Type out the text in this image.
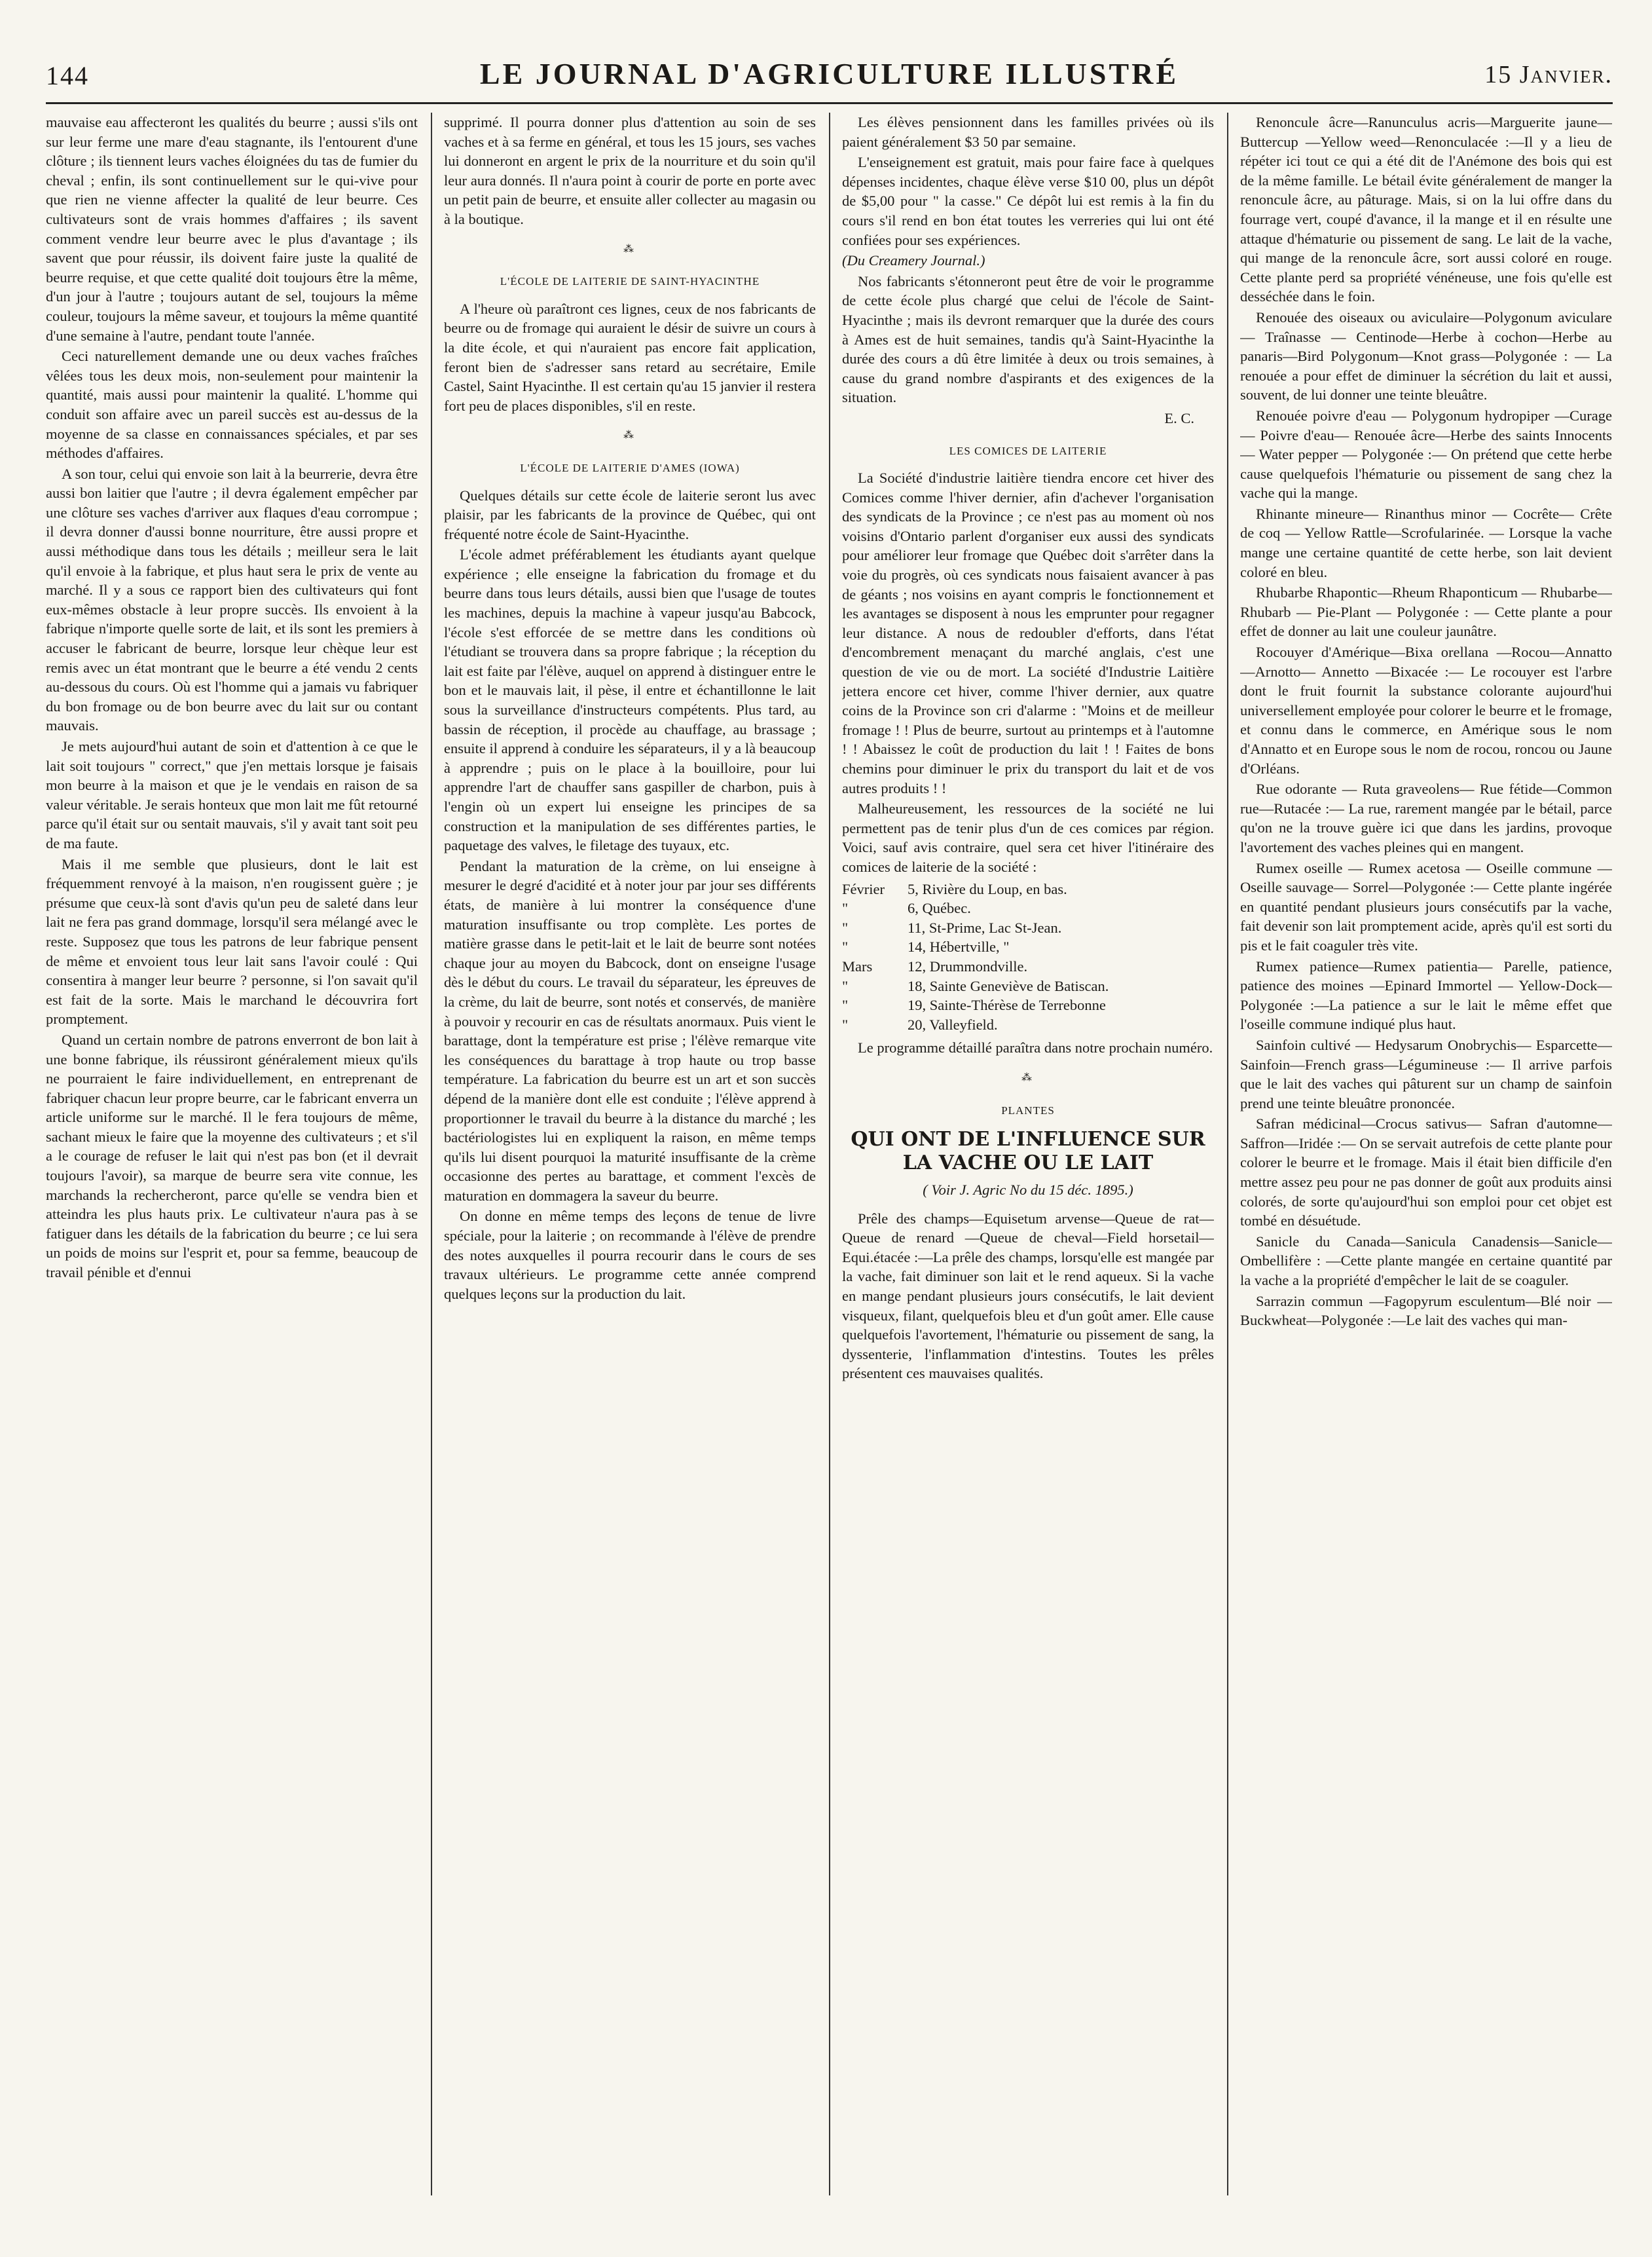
144	LE JOURNAL D'AGRICULTURE ILLUSTRÉ	15 Janvier.

mauvaise eau affecteront les qualités du beurre ; aussi s'ils ont sur leur ferme une mare d'eau stagnante, ils l'entourent d'une clôture ; ils tiennent leurs vaches éloignées du tas de fumier du cheval ; enfin, ils sont continuellement sur le qui-vive pour que rien ne vienne affecter la qualité de leur beurre. Ces cultivateurs sont de vrais hommes d'affaires ; ils savent comment vendre leur beurre avec le plus d'avantage ; ils savent que pour réussir, ils doivent faire juste la qualité de beurre requise, et que cette qualité doit toujours être la même, d'un jour à l'autre ; toujours autant de sel, toujours la même couleur, toujours la même saveur, et toujours la même quantité d'une semaine à l'autre, pendant toute l'année.

Ceci naturellement demande une ou deux vaches fraîches vêlées tous les deux mois, non-seulement pour maintenir la quantité, mais aussi pour maintenir la qualité. L'homme qui conduit son affaire avec un pareil succès est au-dessus de la moyenne de sa classe en connaissances spéciales, et par ses méthodes d'affaires.

A son tour, celui qui envoie son lait à la beurrerie, devra être aussi bon laitier que l'autre ; il devra également empêcher par une clôture ses vaches d'arriver aux flaques d'eau corrompue ; il devra donner d'aussi bonne nourriture, être aussi propre et aussi méthodique dans tous les détails ; meilleur sera le lait qu'il envoie à la fabrique, et plus haut sera le prix de vente au marché. Il y a sous ce rapport bien des cultivateurs qui font eux-mêmes obstacle à leur propre succès. Ils envoient à la fabrique n'importe quelle sorte de lait, et ils sont les premiers à accuser le fabricant de beurre, lorsque leur chèque leur est remis avec un état montrant que le beurre a été vendu 2 cents au-dessous du cours. Où est l'homme qui a jamais vu fabriquer du bon fromage ou de bon beurre avec du lait sur ou contant mauvais.

Je mets aujourd'hui autant de soin et d'attention à ce que le lait soit toujours " correct," que j'en mettais lorsque je faisais mon beurre à la maison et que je le vendais en raison de sa valeur véritable. Je serais honteux que mon lait me fût retourné parce qu'il était sur ou sentait mauvais, s'il y avait tant soit peu de ma faute.

Mais il me semble que plusieurs, dont le lait est fréquemment renvoyé à la maison, n'en rougissent guère ; je présume que ceux-là sont d'avis qu'un peu de saleté dans leur lait ne fera pas grand dommage, lorsqu'il sera mélangé avec le reste. Supposez que tous les patrons de leur fabrique pensent de même et envoient tous leur lait sans l'avoir coulé : Qui consentira à manger leur beurre ? personne, si l'on savait qu'il est fait de la sorte. Mais le marchand le découvrira fort promptement.

Quand un certain nombre de patrons enverront de bon lait à une bonne fabrique, ils réussiront généralement mieux qu'ils ne pourraient le faire individuellement, en entreprenant de fabriquer chacun leur propre beurre, car le fabricant enverra un article uniforme sur le marché. Il le fera toujours de même, sachant mieux le faire que la moyenne des cultivateurs ; et s'il a le courage de refuser le lait qui n'est pas bon (et il devrait toujours l'avoir), sa marque de beurre sera vite connue, les marchands la rechercheront, parce qu'elle se vendra bien et atteindra les plus hauts prix. Le cultivateur n'aura pas à se fatiguer dans les détails de la fabrication du beurre ; ce lui sera un poids de moins sur l'esprit et, pour sa femme, beaucoup de travail pénible et d'ennui

supprimé. Il pourra donner plus d'attention au soin de ses vaches et à sa ferme en général, et tous les 15 jours, ses vaches lui donneront en argent le prix de la nourriture et du soin qu'il leur aura donnés. Il n'aura point à courir de porte en porte avec un petit pain de beurre, et ensuite aller collecter au magasin ou à la boutique.

⁂
L'ÉCOLE DE LAITERIE DE SAINT-HYACINTHE

A l'heure où paraîtront ces lignes, ceux de nos fabricants de beurre ou de fromage qui auraient le désir de suivre un cours à la dite école, et qui n'auraient pas encore fait application, feront bien de s'adresser sans retard au secrétaire, Emile Castel, Saint Hyacinthe. Il est certain qu'au 15 janvier il restera fort peu de places disponibles, s'il en reste.

⁂
L'ÉCOLE DE LAITERIE D'AMES (IOWA)

Quelques détails sur cette école de laiterie seront lus avec plaisir, par les fabricants de la province de Québec, qui ont fréquenté notre école de Saint-Hyacinthe.

L'école admet préférablement les étudiants ayant quelque expérience ; elle enseigne la fabrication du fromage et du beurre dans tous leurs détails, aussi bien que l'usage de toutes les machines, depuis la machine à vapeur jusqu'au Babcock, l'école s'est efforcée de se mettre dans les conditions où l'étudiant se trouvera dans sa propre fabrique ; la réception du lait est faite par l'élève, auquel on apprend à distinguer entre le bon et le mauvais lait, il pèse, il entre et échantillonne le lait sous la surveillance d'instructeurs compétents. Plus tard, au bassin de réception, il procède au chauffage, au brassage ; ensuite il apprend à conduire les séparateurs, il y a là beaucoup à apprendre ; puis on le place à la bouilloire, pour lui apprendre l'art de chauffer sans gaspiller de charbon, puis à l'engin où un expert lui enseigne les principes de sa construction et la manipulation de ses différentes parties, le paquetage des valves, le filetage des tuyaux, etc.

Pendant la maturation de la crème, on lui enseigne à mesurer le degré d'acidité et à noter jour par jour ses différents états, de manière à lui montrer la conséquence d'une maturation insuffisante ou trop complète. Les portes de matière grasse dans le petit-lait et le lait de beurre sont notées chaque jour au moyen du Babcock, dont on enseigne l'usage dès le début du cours. Le travail du séparateur, les épreuves de la crème, du lait de beurre, sont notés et conservés, de manière à pouvoir y recourir en cas de résultats anormaux. Puis vient le barattage, dont la température est prise ; l'élève remarque vite les conséquences du barattage à trop haute ou trop basse température. La fabrication du beurre est un art et son succès dépend de la manière dont elle est conduite ; l'élève apprend à proportionner le travail du beurre à la distance du marché ; les bactériologistes lui en expliquent la raison, en même temps qu'ils lui disent pourquoi la maturité insuffisante de la crème occasionne des pertes au barattage, et comment l'excès de maturation en dommagera la saveur du beurre.

On donne en même temps des leçons de tenue de livre spéciale, pour la laiterie ; on recommande à l'élève de prendre des notes auxquelles il pourra recourir dans le cours de ses travaux ultérieurs. Le programme cette année comprend quelques leçons sur la production du lait.

Les élèves pensionnent dans les familles privées où ils paient généralement $3 50 par semaine.

L'enseignement est gratuit, mais pour faire face à quelques dépenses incidentes, chaque élève verse $10 00, plus un dépôt de $5,00 pour " la casse." Ce dépôt lui est remis à la fin du cours s'il rend en bon état toutes les verreries qui lui ont été confiées pour ses expériences.

(Du Creamery Journal.)

Nos fabricants s'étonneront peut être de voir le programme de cette école plus chargé que celui de l'école de Saint-Hyacinthe ; mais ils devront remarquer que la durée des cours à Ames est de huit semaines, tandis qu'à Saint-Hyacinthe la durée des cours a dû être limitée à deux ou trois semaines, à cause du grand nombre d'aspirants et des exigences de la situation.

E. C.

LES COMICES DE LAITERIE

La Société d'industrie laitière tiendra encore cet hiver des Comices comme l'hiver dernier, afin d'achever l'organisation des syndicats de la Province ; ce n'est pas au moment où nos voisins d'Ontario parlent d'organiser eux aussi des syndicats pour améliorer leur fromage que Québec doit s'arrêter dans la voie du progrès, où ces syndicats nous faisaient avancer à pas de géants ; nos voisins en ayant compris le fonctionnement et les avantages se disposent à nous les emprunter pour regagner leur distance. A nous de redoubler d'efforts, dans l'état d'encombrement menaçant du marché anglais, c'est une question de vie ou de mort. La société d'Industrie Laitière jettera encore cet hiver, comme l'hiver dernier, aux quatre coins de la Province son cri d'alarme : "Moins et de meilleur fromage ! ! Plus de beurre, surtout au printemps et à l'automne ! ! Abaissez le coût de production du lait ! ! Faites de bons chemins pour diminuer le prix du transport du lait et de vos autres produits ! !

Malheureusement, les ressources de la société ne lui permettent pas de tenir plus d'un de ces comices par région. Voici, sauf avis contraire, quel sera cet hiver l'itinéraire des comices de laiterie de la société :

Février	5, Rivière du Loup, en bas.
"	6, Québec.
"	11, St-Prime, Lac St-Jean.
"	14, Hébertville, "
Mars	12, Drummondville.
"	18, Sainte Geneviève de Batiscan.
"	19, Sainte-Thérèse de Terrebonne
"	20, Valleyfield.

Le programme détaillé paraîtra dans notre prochain numéro.

⁂
PLANTES
QUI ONT DE L'INFLUENCE SUR LA VACHE OU LE LAIT
( Voir J. Agric No du 15 déc. 1895.)

Prêle des champs—Equisetum arvense—Queue de rat—Queue de renard —Queue de cheval—Field horsetail—Equi.étacée :—La prêle des champs, lorsqu'elle est mangée par la vache, fait diminuer son lait et le rend aqueux. Si la vache en mange pendant plusieurs jours consécutifs, le lait devient visqueux, filant, quelquefois bleu et d'un goût amer. Elle cause quelquefois l'avortement, l'hématurie ou pissement de sang, la dyssenterie, l'inflammation d'intestins. Toutes les prêles présentent ces mauvaises qualités.

Renoncule âcre—Ranunculus acris—Marguerite jaune— Buttercup —Yellow weed—Renonculacée :—Il y a lieu de répéter ici tout ce qui a été dit de l'Anémone des bois qui est de la même famille. Le bétail évite généralement de manger la renoncule âcre, au pâturage. Mais, si on la lui offre dans du fourrage vert, coupé d'avance, il la mange et il en résulte une attaque d'hématurie ou pissement de sang. Le lait de la vache, qui mange de la renoncule âcre, sort aussi coloré en rouge. Cette plante perd sa propriété vénéneuse, une fois qu'elle est desséchée dans le foin.

Renouée des oiseaux ou aviculaire—Polygonum aviculare — Traînasse — Centinode—Herbe à cochon—Herbe au panaris—Bird Polygonum—Knot grass—Polygonée : — La renouée a pour effet de diminuer la sécrétion du lait et aussi, souvent, de lui donner une teinte bleuâtre.

Renouée poivre d'eau — Polygonum hydropiper —Curage— Poivre d'eau— Renouée âcre—Herbe des saints Innocents — Water pepper — Polygonée :— On prétend que cette herbe cause quelquefois l'hématurie ou pissement de sang chez la vache qui la mange.

Rhinante mineure— Rinanthus minor — Cocrête— Crête de coq — Yellow Rattle—Scrofularinée. — Lorsque la vache mange une certaine quantité de cette herbe, son lait devient coloré en bleu.

Rhubarbe Rhapontic—Rheum Rhaponticum — Rhubarbe— Rhubarb — Pie-Plant — Polygonée : — Cette plante a pour effet de donner au lait une couleur jaunâtre.

Rocouyer d'Amérique—Bixa orellana —Rocou—Annatto—Arnotto— Annetto —Bixacée :— Le rocouyer est l'arbre dont le fruit fournit la substance colorante aujourd'hui universellement employée pour colorer le beurre et le fromage, et connu dans le commerce, en Amérique sous le nom d'Annatto et en Europe sous le nom de rocou, roncou ou Jaune d'Orléans.

Rue odorante — Ruta graveolens— Rue fétide—Common rue—Rutacée :— La rue, rarement mangée par le bétail, parce qu'on ne la trouve guère ici que dans les jardins, provoque l'avortement des vaches pleines qui en mangent.

Rumex oseille — Rumex acetosa — Oseille commune — Oseille sauvage— Sorrel—Polygonée :— Cette plante ingérée en quantité pendant plusieurs jours consécutifs par la vache, fait devenir son lait promptement acide, après qu'il est sorti du pis et le fait coaguler très vite.

Rumex patience—Rumex patientia— Parelle, patience, patience des moines —Epinard Immortel — Yellow-Dock— Polygonée :—La patience a sur le lait le même effet que l'oseille commune indiqué plus haut.

Sainfoin cultivé — Hedysarum Onobrychis— Esparcette—Sainfoin—French grass—Légumineuse :— Il arrive parfois que le lait des vaches qui pâturent sur un champ de sainfoin prend une teinte bleuâtre prononcée.

Safran médicinal—Crocus sativus— Safran d'automne—Saffron—Iridée :— On se servait autrefois de cette plante pour colorer le beurre et le fromage. Mais il était bien difficile d'en mettre assez peu pour ne pas donner de goût aux produits ainsi colorés, de sorte qu'aujourd'hui son emploi pour cet objet est tombé en désuétude.

Sanicle du Canada—Sanicula Canadensis—Sanicle—Ombellifère : —Cette plante mangée en certaine quantité par la vache a la propriété d'empêcher le lait de se coaguler.

Sarrazin commun —Fagopyrum esculentum—Blé noir — Buckwheat—Polygonée :—Le lait des vaches qui man-
